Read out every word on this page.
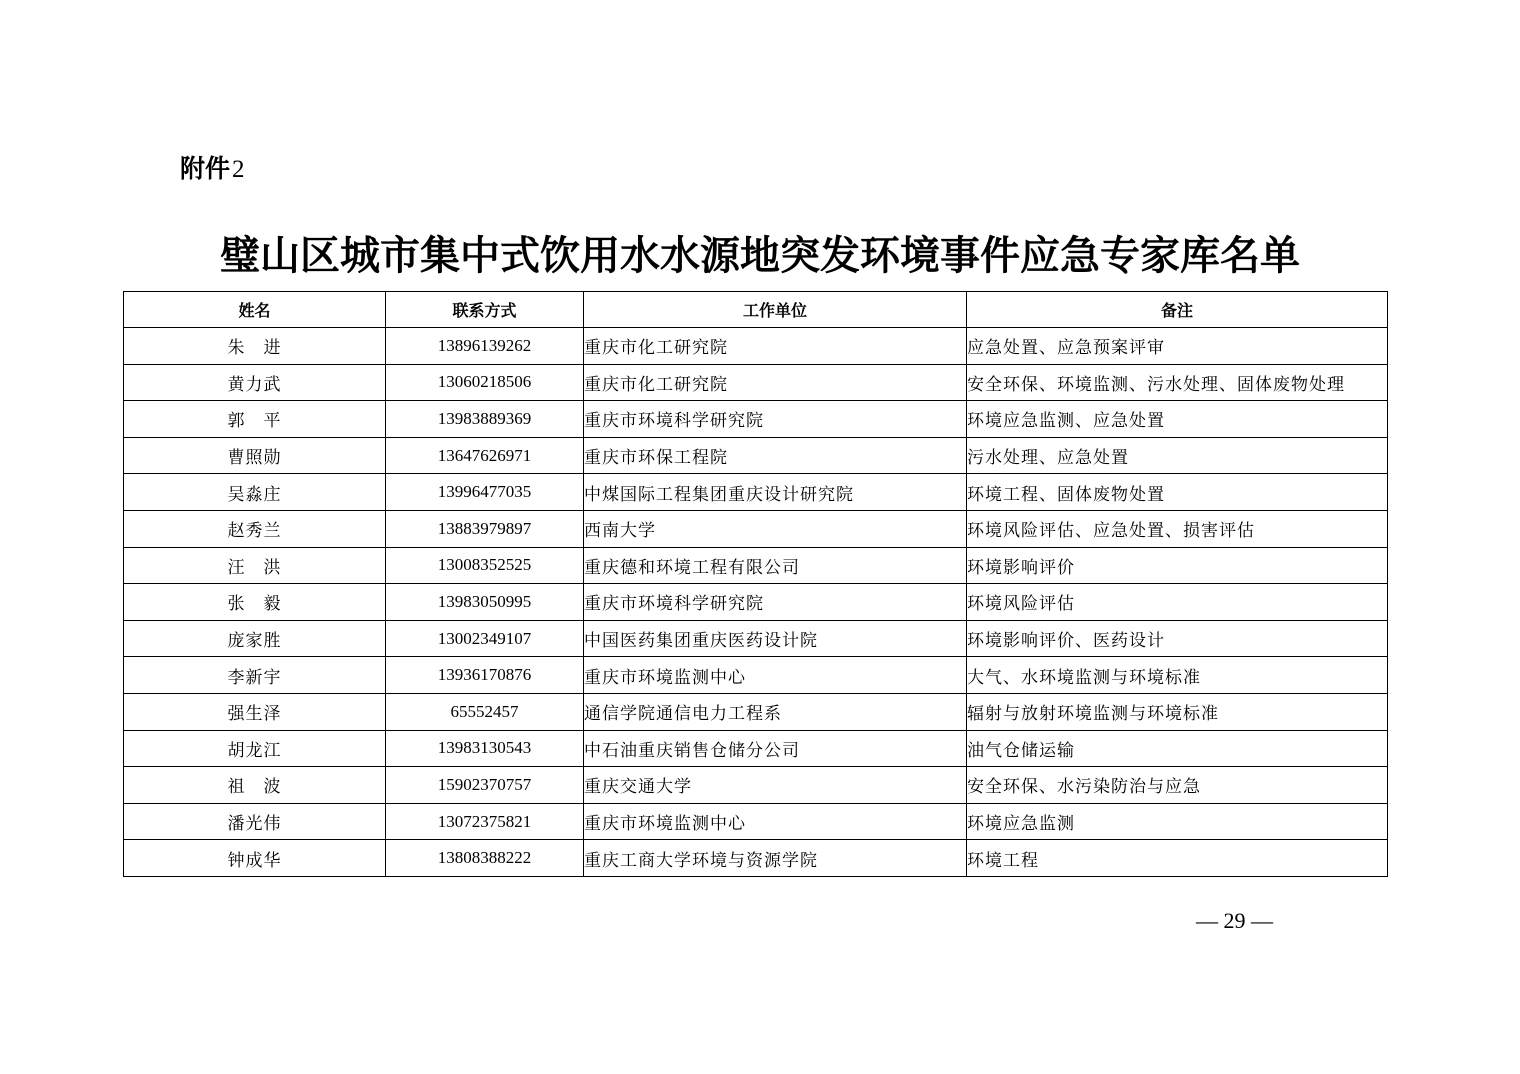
附件2
璧山区城市集中式饮用水水源地突发环境事件应急专家库名单
姓名	联系方式	工作单位	备注
朱　进	13896139262	重庆市化工研究院	应急处置、应急预案评审
黄力武	13060218506	重庆市化工研究院	安全环保、环境监测、污水处理、固体废物处理
郭　平	13983889369	重庆市环境科学研究院	环境应急监测、应急处置
曹照勋	13647626971	重庆市环保工程院	污水处理、应急处置
吴淼庄	13996477035	中煤国际工程集团重庆设计研究院	环境工程、固体废物处置
赵秀兰	13883979897	西南大学	环境风险评估、应急处置、损害评估
汪　洪	13008352525	重庆德和环境工程有限公司	环境影响评价
张　毅	13983050995	重庆市环境科学研究院	环境风险评估
庞家胜	13002349107	中国医药集团重庆医药设计院	环境影响评价、医药设计
李新宇	13936170876	重庆市环境监测中心	大气、水环境监测与环境标准
强生泽	65552457	通信学院通信电力工程系	辐射与放射环境监测与环境标准
胡龙江	13983130543	中石油重庆销售仓储分公司	油气仓储运输
祖　波	15902370757	重庆交通大学	安全环保、水污染防治与应急
潘光伟	13072375821	重庆市环境监测中心	环境应急监测
钟成华	13808388222	重庆工商大学环境与资源学院	环境工程
— 29 —
